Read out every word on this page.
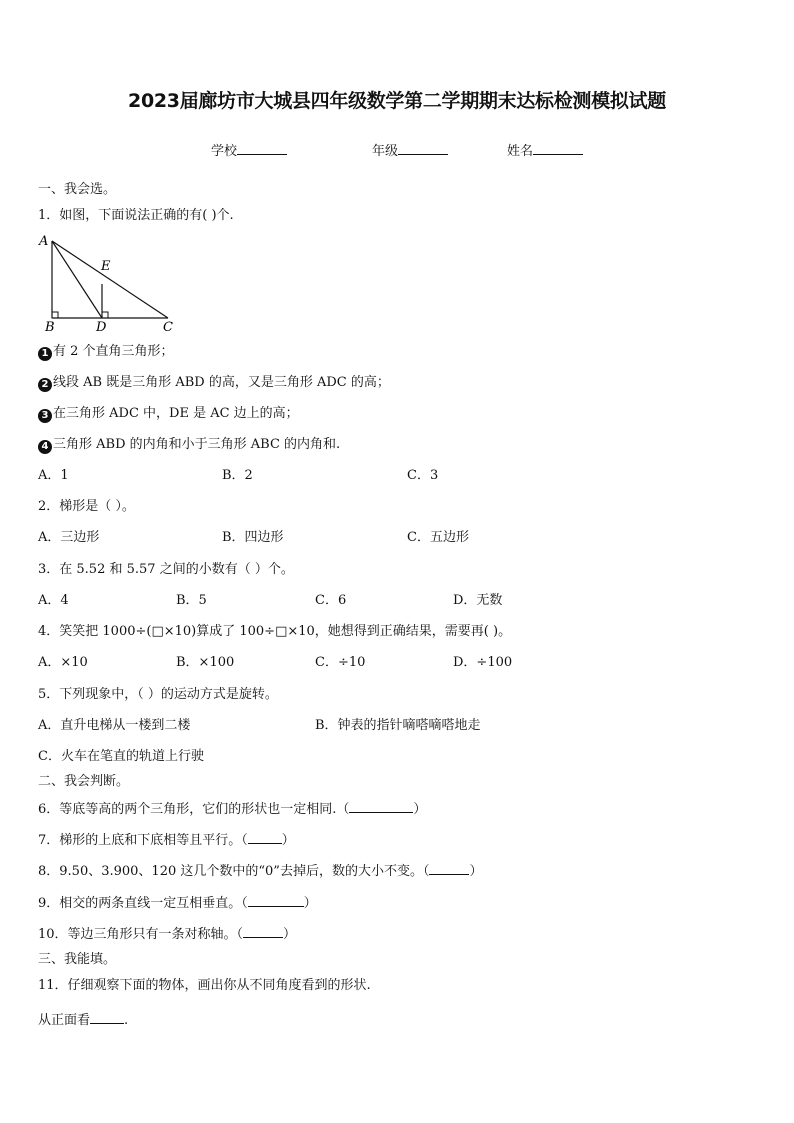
2023届廊坊市大城县四年级数学第二学期期末达标检测模拟试题
学校	年级	姓名
一、我会选。
1．如图，下面说法正确的有( )个.
A
B	D	C
E
1 有 2 个直角三角形；
2 线段 AB 既是三角形 ABD 的高，又是三角形 ADC 的高；
3 在三角形 ADC 中，DE 是 AC 边上的高；
4 三角形 ABD 的内角和小于三角形 ABC 的内角和.
A．1	B．2	C．3
2．梯形是（ ）。
A．三边形	B．四边形	C．五边形
3．在 5.52 和 5.57 之间的小数有（ ）个。
A．4	B．5	C．6	D．无数
4．笑笑把 1000÷(□×10)算成了 100÷□×10，她想得到正确结果，需要再( )。
A．×10	B．×100	C．÷10	D．÷100
5．下列现象中，（ ）的运动方式是旋转。
A．直升电梯从一楼到二楼	B．钟表的指针嘀嗒嘀嗒地走
C．火车在笔直的轨道上行驶
二、我会判断。
6．等底等高的两个三角形，它们的形状也一定相同.（	）
7．梯形的上底和下底相等且平行。（	）
8．9.50、3.900、120 这几个数中的“0”去掉后，数的大小不变。（	）
9．相交的两条直线一定互相垂直。（	）
10．等边三角形只有一条对称轴。（	）
三、我能填。
11．仔细观察下面的物体，画出你从不同角度看到的形状.
从正面看	.
